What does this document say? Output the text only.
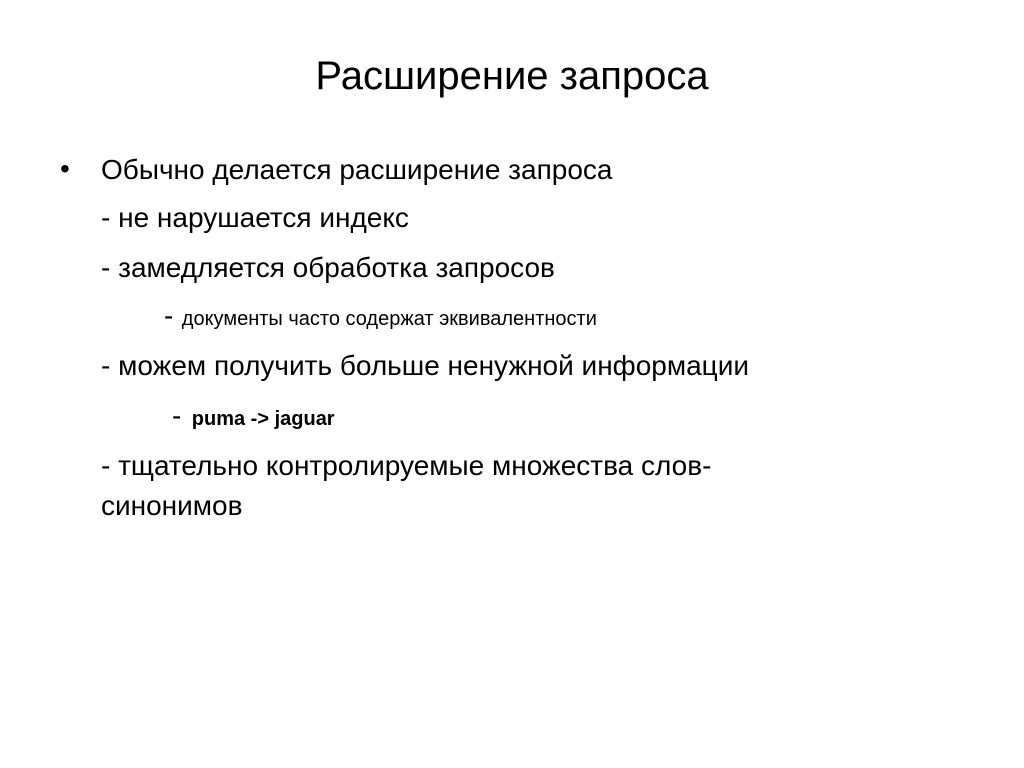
Расширение запроса
• Обычно делается расширение запроса
- не нарушается индекс
- замедляется обработка запросов
- документы часто содержат эквивалентности
- можем получить больше ненужной информации
- puma -> jaguar
- тщательно контролируемые множества слов-
синонимов
